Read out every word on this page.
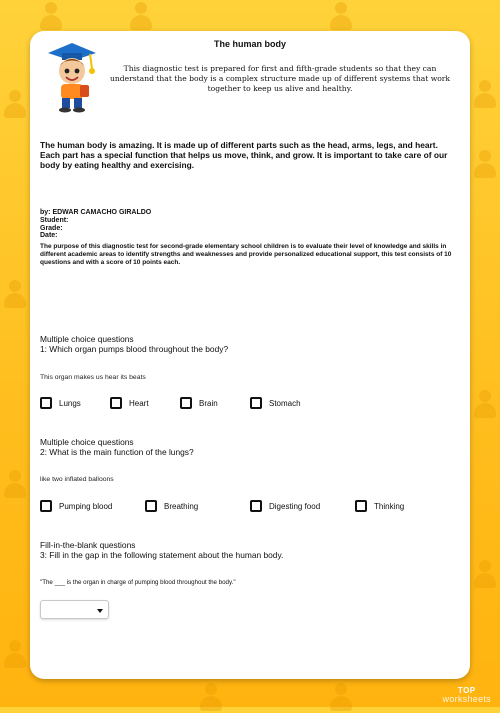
The human body
This diagnostic test is prepared for first and fifth-grade students so that they can understand that the body is a complex structure made up of different systems that work together to keep us alive and healthy.
The human body is amazing. It is made up of different parts such as the head, arms, legs, and heart. Each part has a special function that helps us move, think, and grow. It is important to take care of our body by eating healthy and exercising.
by: EDWAR CAMACHO GIRALDO
Student:
Grade:
Date:
The purpose of this diagnostic test for second-grade elementary school children is to evaluate their level of knowledge and skills in different academic areas to identify strengths and weaknesses and provide personalized educational support, this test consists of 10 questions and with a score of 10 points each.
Multiple choice questions
1: Which organ pumps blood throughout the body?
This organ makes us hear its beats
Lungs	Heart	Brain	Stomach
Multiple choice questions
2: What is the main function of the lungs?
like two inflated balloons
Pumping blood	Breathing	Digesting food	Thinking
Fill-in-the-blank questions
3: Fill in the gap in the following statement about the human body.
"The ___ is the organ in charge of pumping blood throughout the body."
TOP
worksheets
